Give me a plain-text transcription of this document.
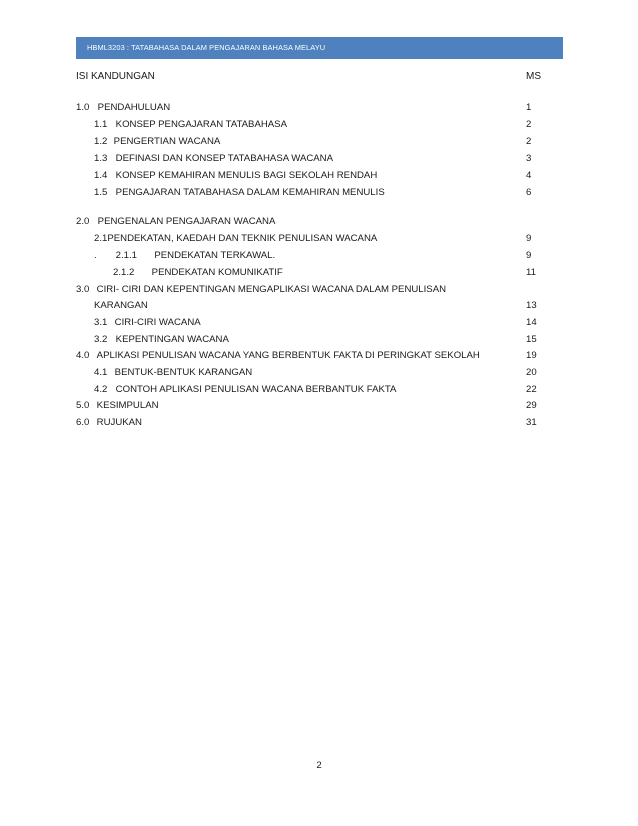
HBML3203 : TATABAHASA DALAM PENGAJARAN BAHASA MELAYU
ISI KANDUNGAN	MS
1.0 PENDAHULUAN	1
1.1 KONSEP PENGAJARAN TATABAHASA	2
1.2 PENGERTIAN WACANA	2
1.3 DEFINASI DAN KONSEP TATABAHASA WACANA	3
1.4 KONSEP KEMAHIRAN MENULIS BAGI SEKOLAH RENDAH	4
1.5 PENGAJARAN TATABAHASA DALAM KEMAHIRAN MENULIS	6
2.0 PENGENALAN PENGAJARAN WACANA
2.1PENDEKATAN, KAEDAH DAN TEKNIK PENULISAN WACANA	9
. 2.1.1 PENDEKATAN TERKAWAL.	9
2.1.2 PENDEKATAN KOMUNIKATIF	11
3.0 CIRI- CIRI DAN KEPENTINGAN MENGAPLIKASI WACANA DALAM PENULISAN
KARANGAN	13
3.1 CIRI-CIRI WACANA	14
3.2 KEPENTINGAN WACANA	15
4.0 APLIKASI PENULISAN WACANA YANG BERBENTUK FAKTA DI PERINGKAT SEKOLAH	19
4.1 BENTUK-BENTUK KARANGAN	20
4.2 CONTOH APLIKASI PENULISAN WACANA BERBANTUK FAKTA	22
5.0 KESIMPULAN	29
6.0 RUJUKAN	31
2
